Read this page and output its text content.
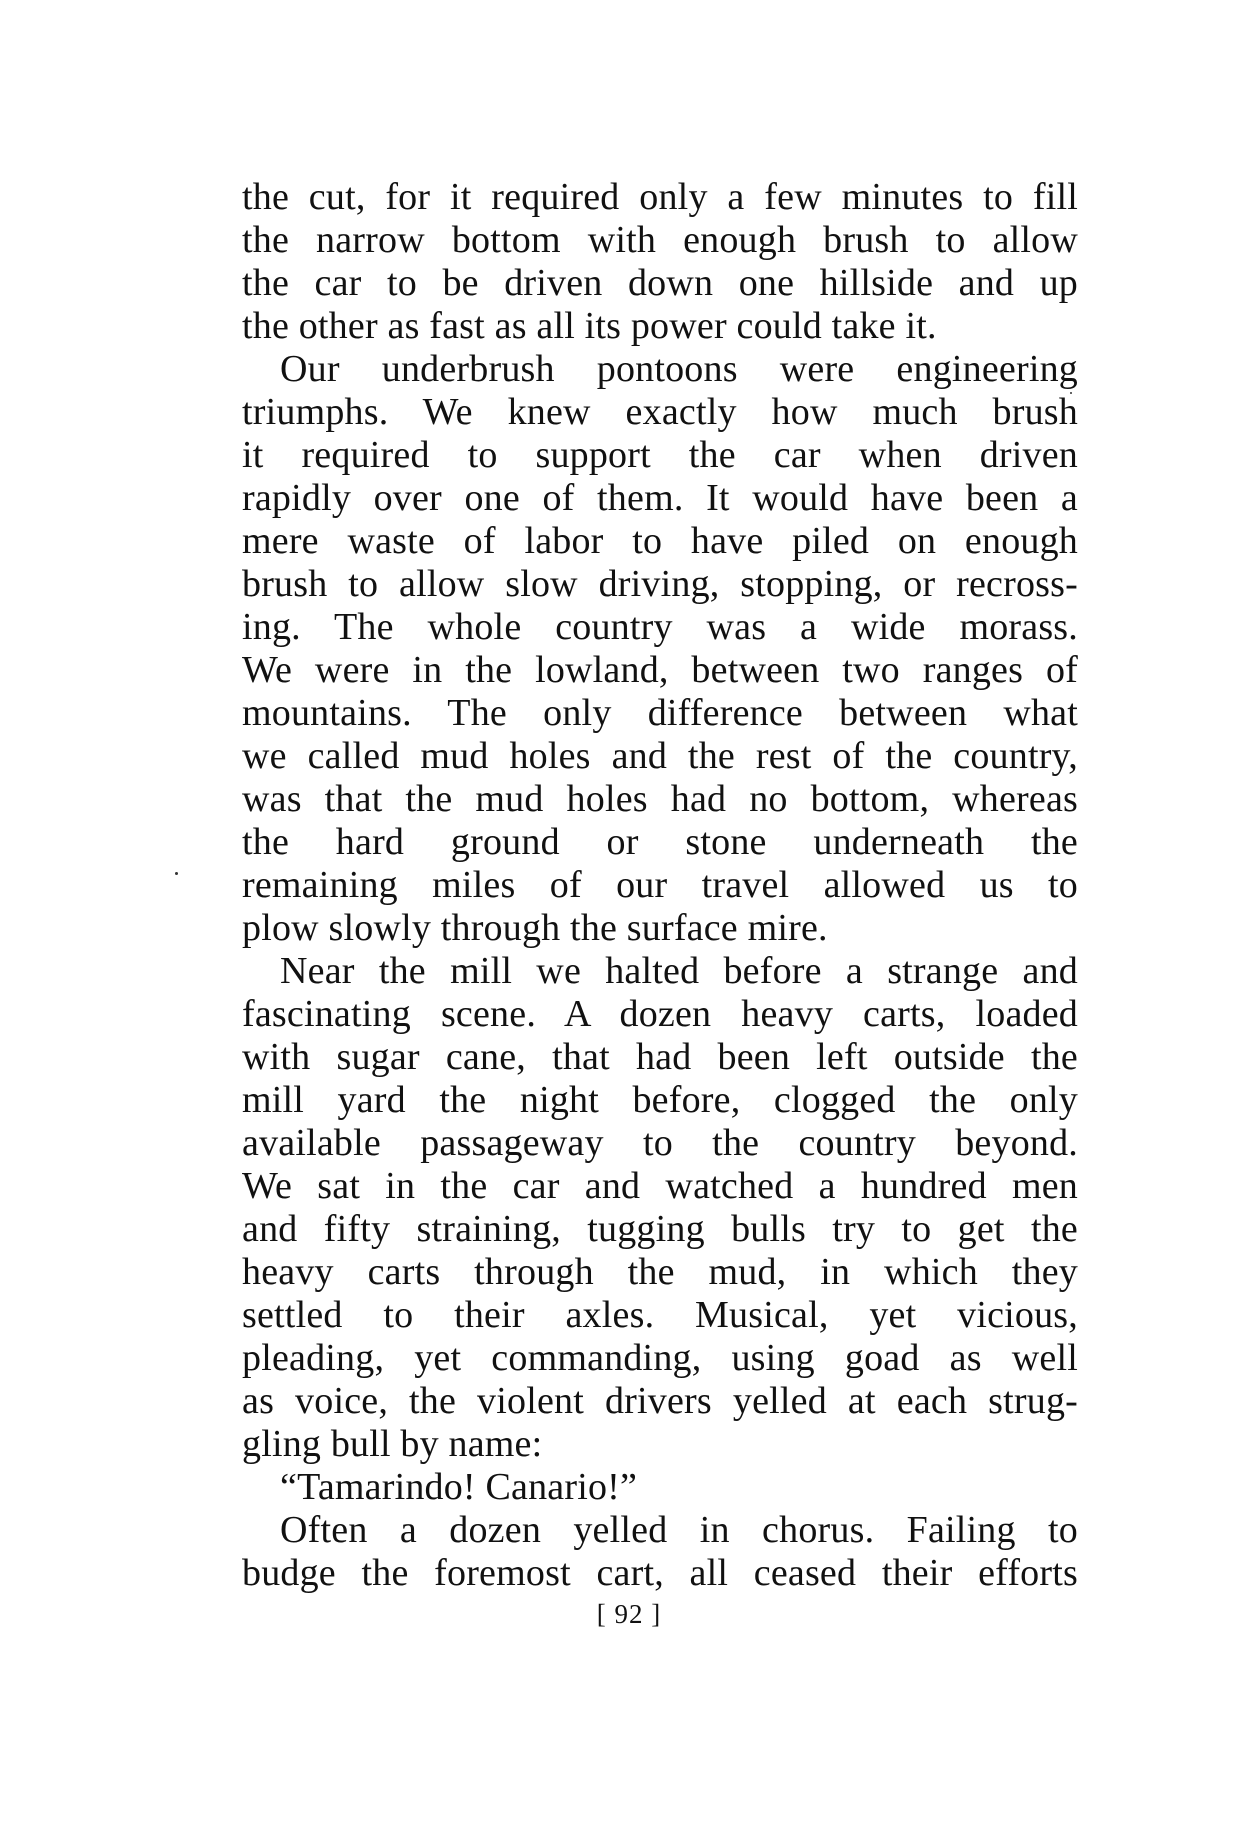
the cut, for it required only a few minutes to fill
the narrow bottom with enough brush to allow
the car to be driven down one hillside and up
the other as fast as all its power could take it.
Our underbrush pontoons were engineering
triumphs. We knew exactly how much brush
it required to support the car when driven
rapidly over one of them. It would have been a
mere waste of labor to have piled on enough
brush to allow slow driving, stopping, or recross-
ing. The whole country was a wide morass.
We were in the lowland, between two ranges of
mountains. The only difference between what
we called mud holes and the rest of the country,
was that the mud holes had no bottom, whereas
the hard ground or stone underneath the
remaining miles of our travel allowed us to
plow slowly through the surface mire.
Near the mill we halted before a strange and
fascinating scene. A dozen heavy carts, loaded
with sugar cane, that had been left outside the
mill yard the night before, clogged the only
available passageway to the country beyond.
We sat in the car and watched a hundred men
and fifty straining, tugging bulls try to get the
heavy carts through the mud, in which they
settled to their axles. Musical, yet vicious,
pleading, yet commanding, using goad as well
as voice, the violent drivers yelled at each strug-
gling bull by name:
“Tamarindo! Canario!”
Often a dozen yelled in chorus. Failing to
budge the foremost cart, all ceased their efforts
[ 92 ]
